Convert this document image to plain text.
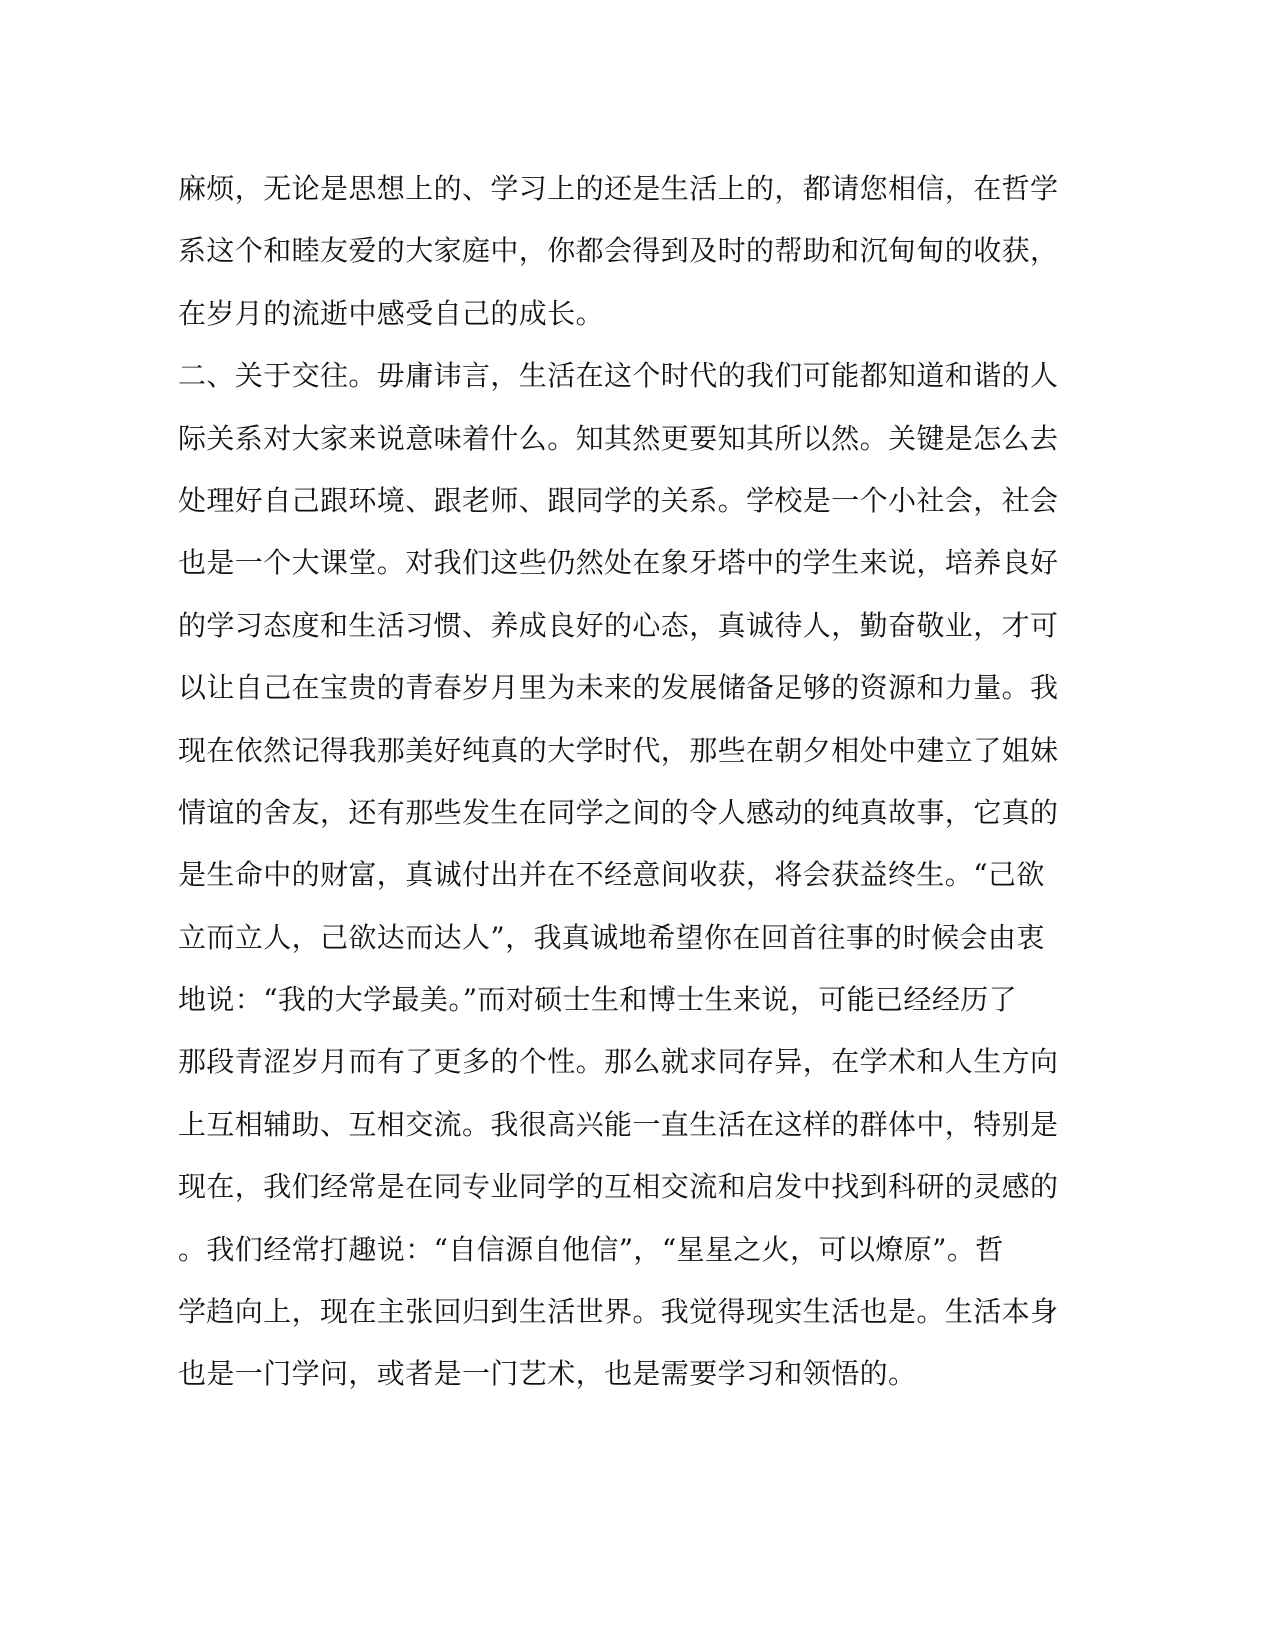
麻烦，无论是思想上的、学习上的还是生活上的，都请您相信，在哲学
系这个和睦友爱的大家庭中，你都会得到及时的帮助和沉甸甸的收获，
在岁月的流逝中感受自己的成长。
二、关于交往。毋庸讳言，生活在这个时代的我们可能都知道和谐的人
际关系对大家来说意味着什么。知其然更要知其所以然。关键是怎么去
处理好自己跟环境、跟老师、跟同学的关系。学校是一个小社会，社会
也是一个大课堂。对我们这些仍然处在象牙塔中的学生来说，培养良好
的学习态度和生活习惯、养成良好的心态，真诚待人，勤奋敬业，才可
以让自己在宝贵的青春岁月里为未来的发展储备足够的资源和力量。我
现在依然记得我那美好纯真的大学时代，那些在朝夕相处中建立了姐妹
情谊的舍友，还有那些发生在同学之间的令人感动的纯真故事，它真的
是生命中的财富，真诚付出并在不经意间收获，将会获益终生。“己欲
立而立人，己欲达而达人”，我真诚地希望你在回首往事的时候会由衷
地说：“我的大学最美。”而对硕士生和博士生来说，可能已经经历了
那段青涩岁月而有了更多的个性。那么就求同存异，在学术和人生方向
上互相辅助、互相交流。我很高兴能一直生活在这样的群体中，特别是
现在，我们经常是在同专业同学的互相交流和启发中找到科研的灵感的
。我们经常打趣说：“自信源自他信”，“星星之火，可以燎原”。哲
学趋向上，现在主张回归到生活世界。我觉得现实生活也是。生活本身
也是一门学问，或者是一门艺术，也是需要学习和领悟的。
